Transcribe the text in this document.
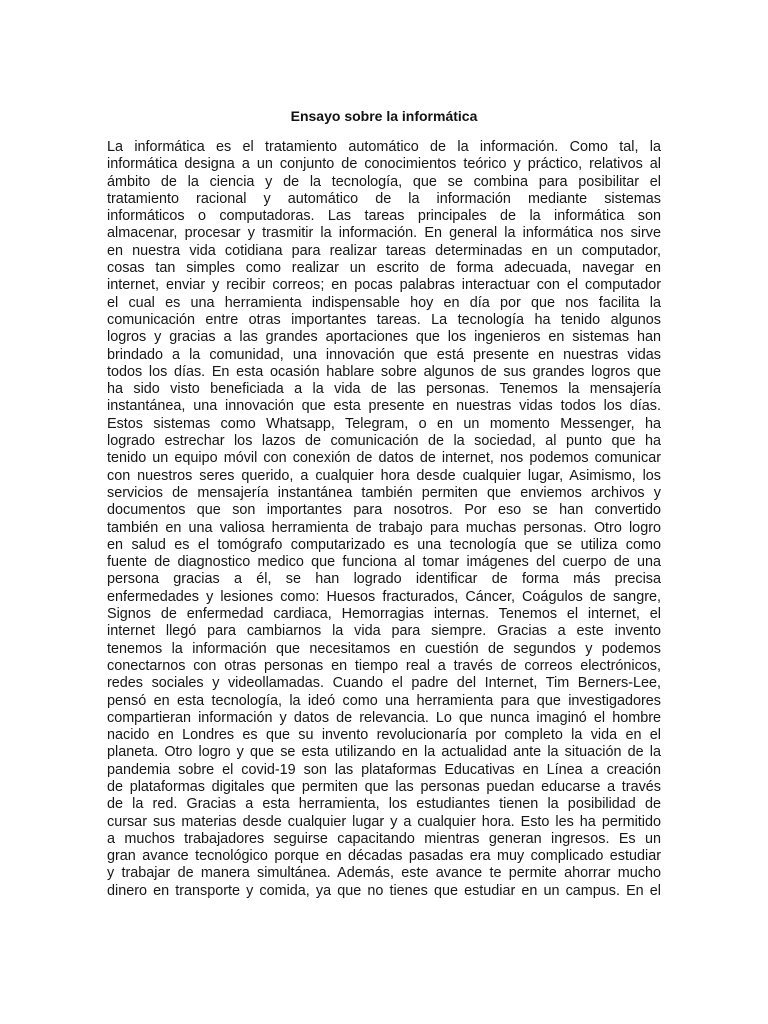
Ensayo sobre la informática
La informática es el tratamiento automático de la información. Como tal, la
informática designa a un conjunto de conocimientos teórico y práctico, relativos al
ámbito de la ciencia y de la tecnología, que se combina para posibilitar el
tratamiento racional y automático de la información mediante sistemas
informáticos o computadoras. Las tareas principales de la informática son
almacenar, procesar y trasmitir la información. En general la informática nos sirve
en nuestra vida cotidiana para realizar tareas determinadas en un computador,
cosas tan simples como realizar un escrito de forma adecuada, navegar en
internet, enviar y recibir correos; en pocas palabras interactuar con el computador
el cual es una herramienta indispensable hoy en día por que nos facilita la
comunicación entre otras importantes tareas. La tecnología ha tenido algunos
logros y gracias a las grandes aportaciones que los ingenieros en sistemas han
brindado a la comunidad, una innovación que está presente en nuestras vidas
todos los días. En esta ocasión hablare sobre algunos de sus grandes logros que
ha sido visto beneficiada a la vida de las personas. Tenemos la mensajería
instantánea, una innovación que esta presente en nuestras vidas todos los días.
Estos sistemas como Whatsapp, Telegram, o en un momento Messenger, ha
logrado estrechar los lazos de comunicación de la sociedad, al punto que ha
tenido un equipo móvil con conexión de datos de internet, nos podemos comunicar
con nuestros seres querido, a cualquier hora desde cualquier lugar, Asimismo, los
servicios de mensajería instantánea también permiten que enviemos archivos y
documentos que son importantes para nosotros. Por eso se han convertido
también en una valiosa herramienta de trabajo para muchas personas. Otro logro
en salud es el tomógrafo computarizado es una tecnología que se utiliza como
fuente de diagnostico medico que funciona al tomar imágenes del cuerpo de una
persona gracias a él, se han logrado identificar de forma más precisa
enfermedades y lesiones como: Huesos fracturados, Cáncer, Coágulos de sangre,
Signos de enfermedad cardiaca, Hemorragias internas. Tenemos el internet, el
internet llegó para cambiarnos la vida para siempre. Gracias a este invento
tenemos la información que necesitamos en cuestión de segundos y podemos
conectarnos con otras personas en tiempo real a través de correos electrónicos,
redes sociales y videollamadas. Cuando el padre del Internet, Tim Berners-Lee,
pensó en esta tecnología, la ideó como una herramienta para que investigadores
compartieran información y datos de relevancia. Lo que nunca imaginó el hombre
nacido en Londres es que su invento revolucionaría por completo la vida en el
planeta. Otro logro y que se esta utilizando en la actualidad ante la situación de la
pandemia sobre el covid-19 son las plataformas Educativas en Línea a creación
de plataformas digitales que permiten que las personas puedan educarse a través
de la red. Gracias a esta herramienta, los estudiantes tienen la posibilidad de
cursar sus materias desde cualquier lugar y a cualquier hora. Esto les ha permitido
a muchos trabajadores seguirse capacitando mientras generan ingresos. Es un
gran avance tecnológico porque en décadas pasadas era muy complicado estudiar
y trabajar de manera simultánea. Además, este avance te permite ahorrar mucho
dinero en transporte y comida, ya que no tienes que estudiar en un campus. En el
